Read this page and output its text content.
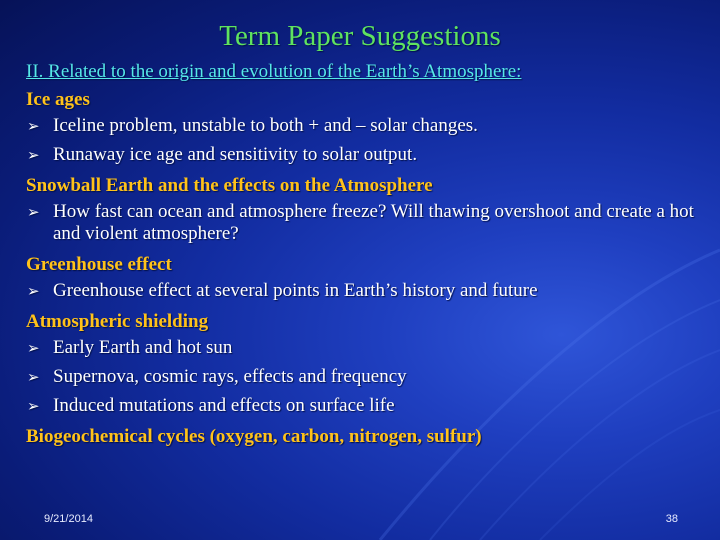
Term Paper Suggestions
II. Related to the origin and evolution of the Earth’s Atmosphere:
Ice ages
➢ Iceline problem, unstable to both + and – solar changes.
➢ Runaway ice age and sensitivity to solar output.
Snowball Earth and the effects on the Atmosphere
➢ How fast can ocean and atmosphere freeze? Will thawing overshoot and create a hot and violent atmosphere?
Greenhouse effect
➢ Greenhouse effect at several points in Earth’s history and future
Atmospheric shielding
➢ Early Earth and hot sun
➢ Supernova, cosmic rays, effects and frequency
➢ Induced mutations and effects on surface life
Biogeochemical cycles (oxygen, carbon, nitrogen, sulfur)
9/21/2014	38
